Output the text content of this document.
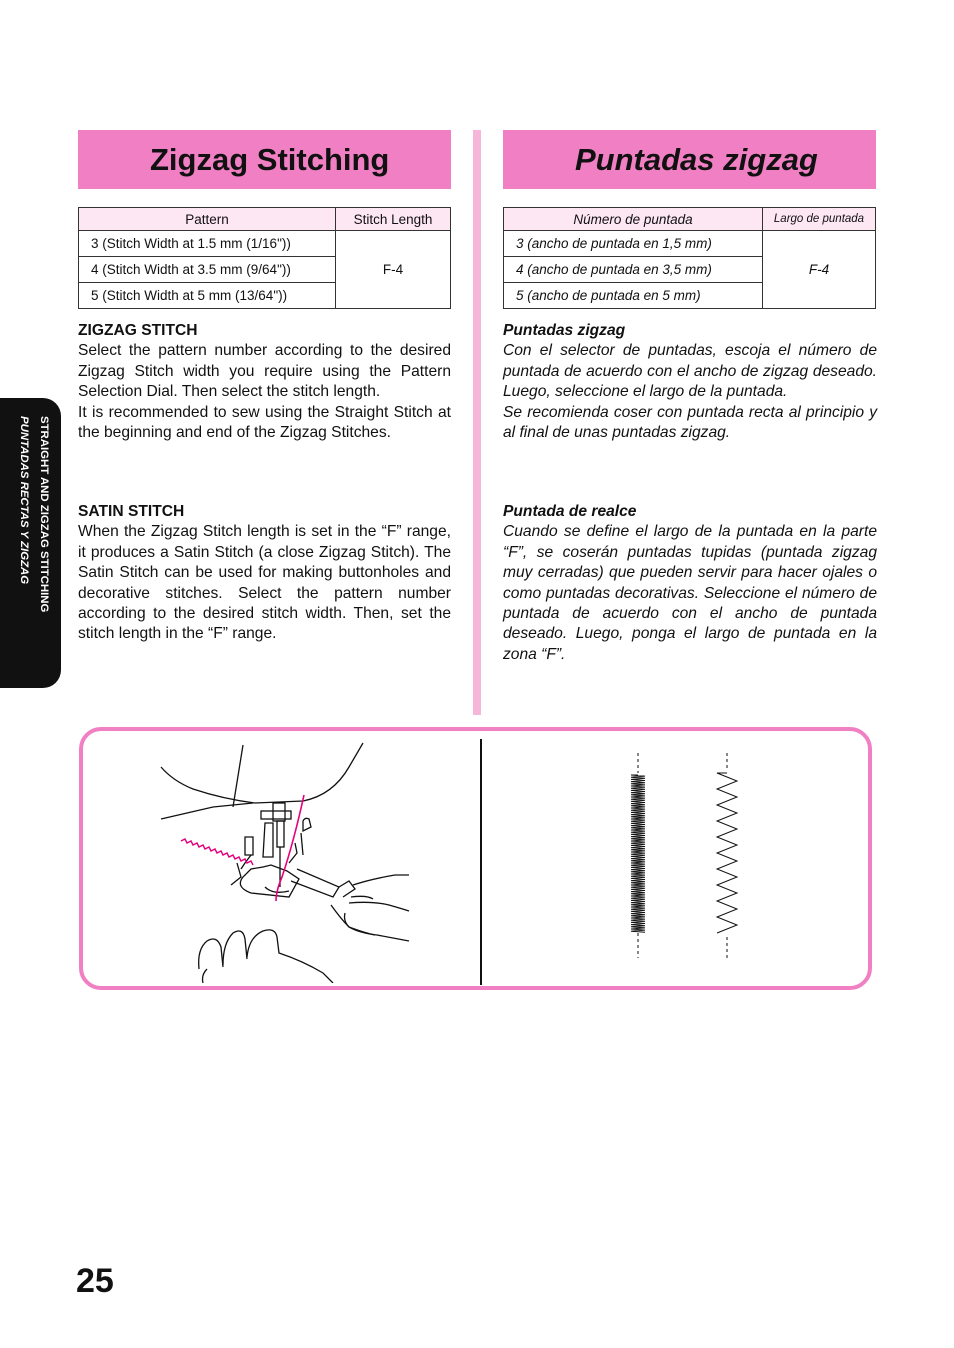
Zigzag Stitching	Puntadas zigzag
Pattern	Stitch Length
3 (Stitch Width at 1.5 mm (1/16"))	F-4
4 (Stitch Width at 3.5 mm (9/64"))	
5 (Stitch Width at 5 mm (13/64"))	
Número de puntada	Largo de puntada
3 (ancho de puntada en 1,5 mm)	F-4
4 (ancho de puntada en 3,5 mm)	
5 (ancho de puntada en 5 mm)	
ZIGZAG STITCH

Select the pattern number according to the desired Zigzag Stitch width you require using the Pattern Selection Dial. Then select the stitch length.

It is recommended to sew using the Straight Stitch at the beginning and end of the Zigzag Stitches.

SATIN STITCH

When the Zigzag Stitch length is set in the “F” range, it produces a Satin Stitch (a close Zigzag Stitch). The Satin Stitch can be used for making buttonholes and decorative stitches. Select the pattern number according to the desired stitch width. Then, set the stitch length in the “F” range.

Puntadas zigzag

Con el selector de puntadas, escoja el número de puntada de acuerdo con el ancho de zigzag deseado. Luego, seleccione el largo de la puntada.

Se recomienda coser con puntada recta al principio y al final de unas puntadas zigzag.

Puntada de realce

Cuando se define el largo de la puntada en la parte “F”, se coserán puntadas tupidas (puntada zigzag muy cerradas) que pueden servir para hacer ojales o como puntadas decorativas. Seleccione el número de puntada de acuerdo con el ancho de puntada deseado. Luego, ponga el largo de puntada en la zona “F”.

STRAIGHT AND ZIGZAG STITCHING
PUNTADAS RECTAS Y ZIGZAG
25
